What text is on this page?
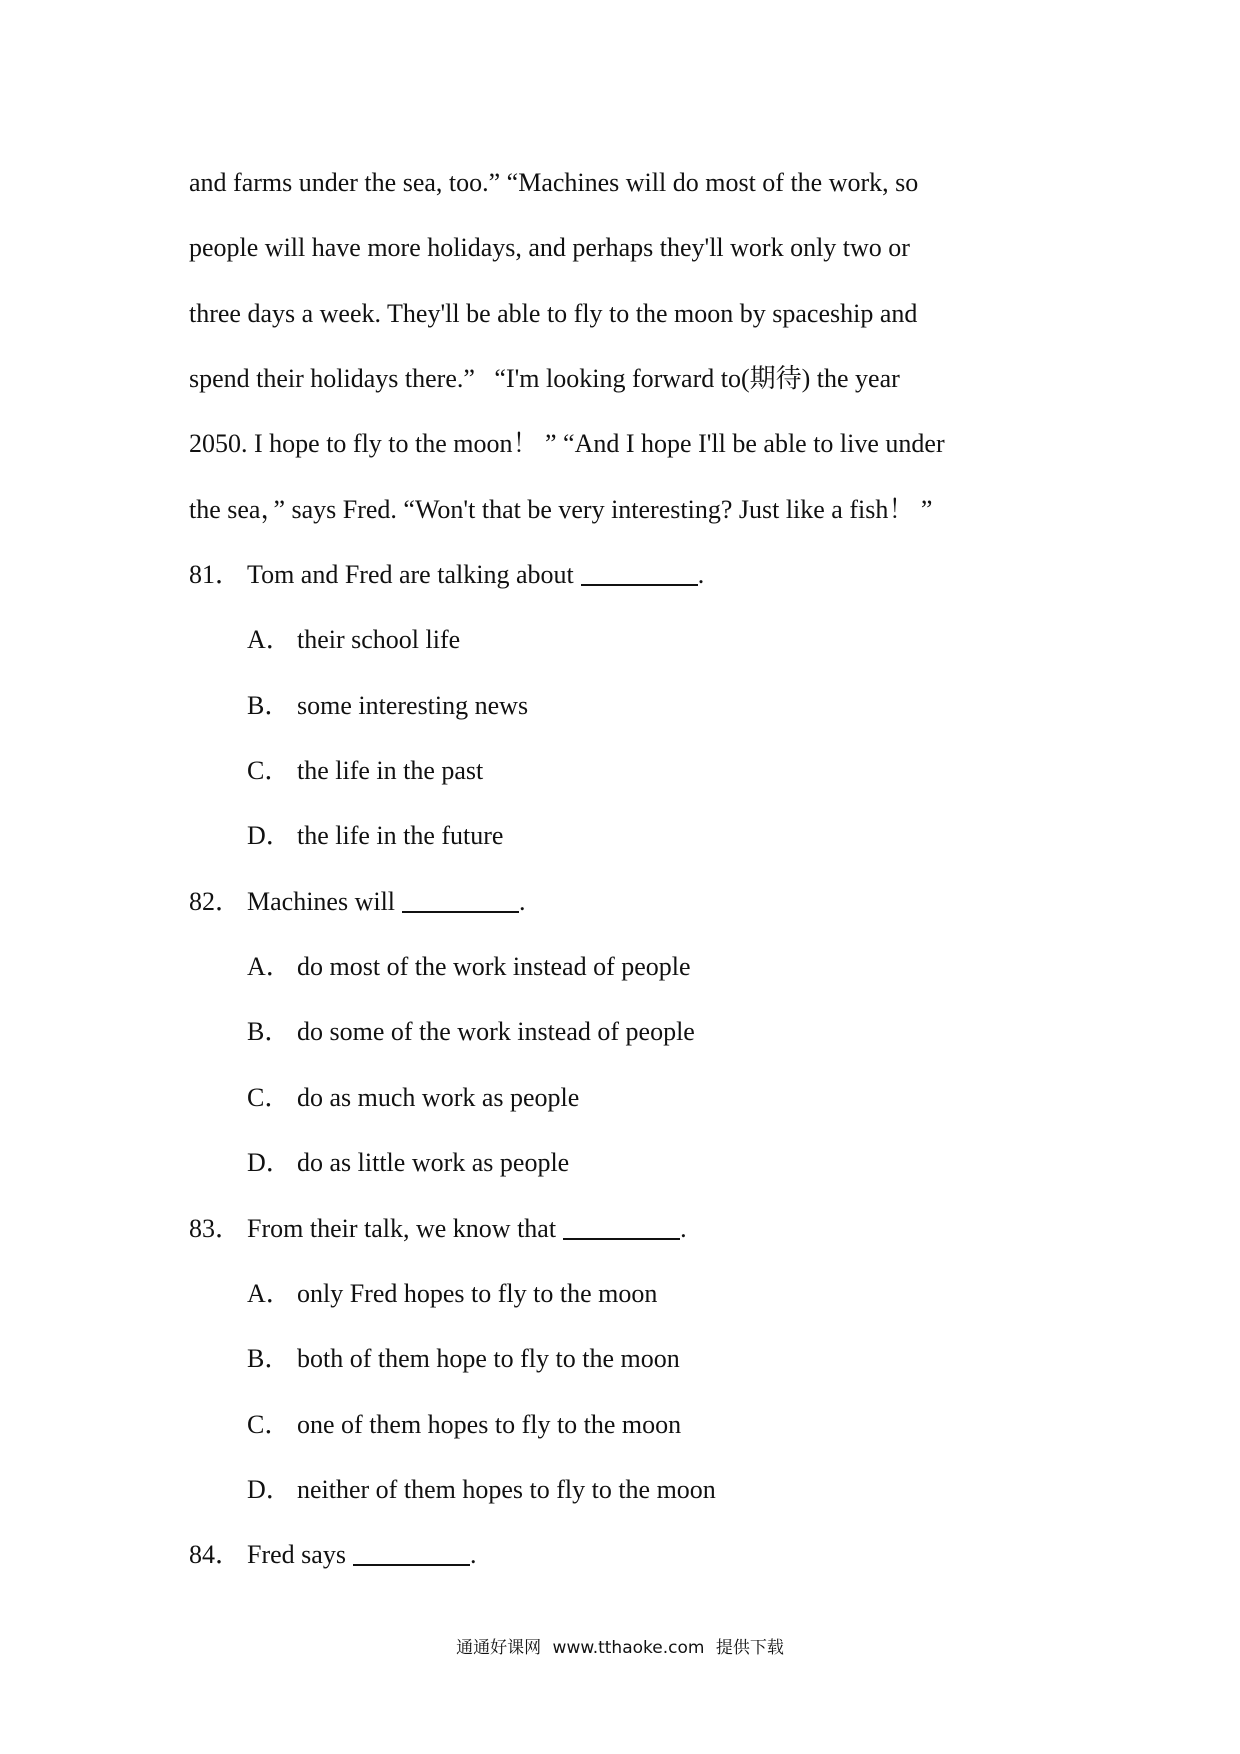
and farms under the sea, too.” “Machines will do most of the work, so
people will have more holidays, and perhaps they'll work only two or
three days a week. They'll be able to fly to the moon by spaceship and
spend their holidays there.”   “I'm looking forward to(期待) the year
2050. I hope to fly to the moon！ ” “And I hope I'll be able to live under
the sea，” says Fred. “Won't that be very interesting? Just like a fish！ ”
81． Tom and Fred are talking about	.
A． their school life
B． some interesting news
C． the life in the past
D． the life in the future
82． Machines will	.
A． do most of the work instead of people
B． do some of the work instead of people
C． do as much work as people
D． do as little work as people
83． From their talk, we know that	.
A． only Fred hopes to fly to the moon
B． both of them hope to fly to the moon
C． one of them hopes to fly to the moon
D． neither of them hopes to fly to the moon
84． Fred says	.
通通好课网 www.tthaoke.com 提供下载
